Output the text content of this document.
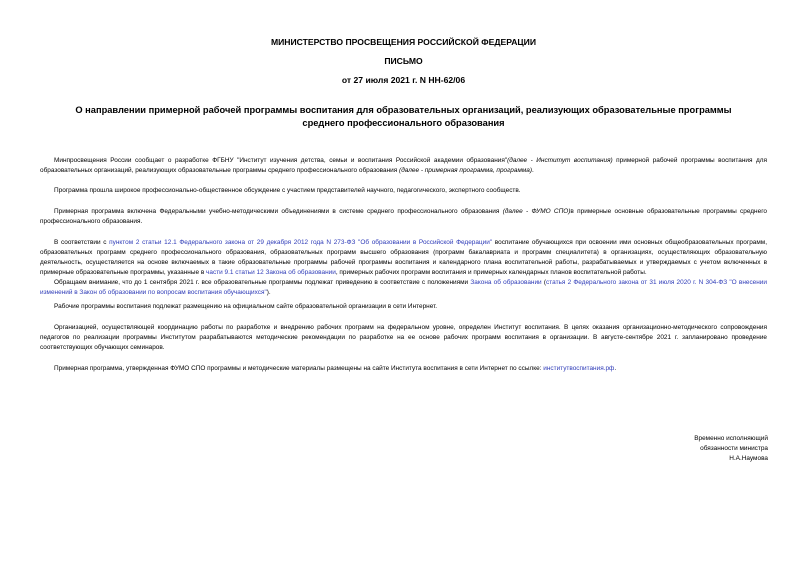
МИНИСТЕРСТВО ПРОСВЕЩЕНИЯ РОССИЙСКОЙ ФЕДЕРАЦИИ
ПИСЬМО
от 27 июля 2021 г. N НН-62/06
О направлении примерной рабочей программы воспитания для образовательных организаций, реализующих образовательные программы среднего профессионального образования
Минпросвещения России сообщает о разработке ФГБНУ "Институт изучения детства, семьи и воспитания Российской академии образования"(далее - Институт воспитания) примерной рабочей программы воспитания для образовательных организаций, реализующих образовательные программы среднего профессионального образования (далее - примерная программа, программа).
Программа прошла широкое профессионально-общественное обсуждение с участием представителей научного, педагогического, экспертного сообществ.
Примерная программа включена Федеральными учебно-методическими объединениями в системе среднего профессионального образования (далее - ФУМО СПО)в примерные основные образовательные программы среднего профессионального образования.
В соответствии с пунктом 2 статьи 12.1 Федерального закона от 29 декабря 2012 года N 273-ФЗ "Об образовании в Российской Федерации" воспитание обучающихся при освоении ими основных общеобразовательных программ, образовательных программ среднего профессионального образования, образовательных программ высшего образования (программ бакалавриата и программ специалитета) в организациях, осуществляющих образовательную деятельность, осуществляется на основе включаемых в такие образовательные программы рабочей программы воспитания и календарного плана воспитательной работы, разрабатываемых и утверждаемых с учетом включенных в примерные образовательные программы, указанные в части 9.1 статьи 12 Закона об образовании, примерных рабочих программ воспитания и примерных календарных планов воспитательной работы.
Обращаем внимание, что до 1 сентября 2021 г. все образовательные программы подлежат приведению в соответствие с положениями Закона об образовании (статья 2 Федерального закона от 31 июля 2020 г. N 304-ФЗ "О внесении изменений в Закон об образовании по вопросам воспитания обучающихся").
Рабочие программы воспитания подлежат размещению на официальном сайте образовательной организации в сети Интернет.
Организацией, осуществляющей координацию работы по разработке и внедрению рабочих программ на федеральном уровне, определен Институт воспитания. В целях оказания организационно-методического сопровождения педагогов по реализации программы Институтом разрабатываются методические рекомендации по разработке на ее основе рабочих программ воспитания в организации. В августе-сентябре 2021 г. запланировано проведение соответствующих обучающих семинаров.
Примерная программа, утвержденная ФУМО СПО программы и методические материалы размещены на сайте Института воспитания в сети Интернет по ссылке: институтвоспитания.рф.
Временно исполняющий
обязанности министра
Н.А.Наумова
